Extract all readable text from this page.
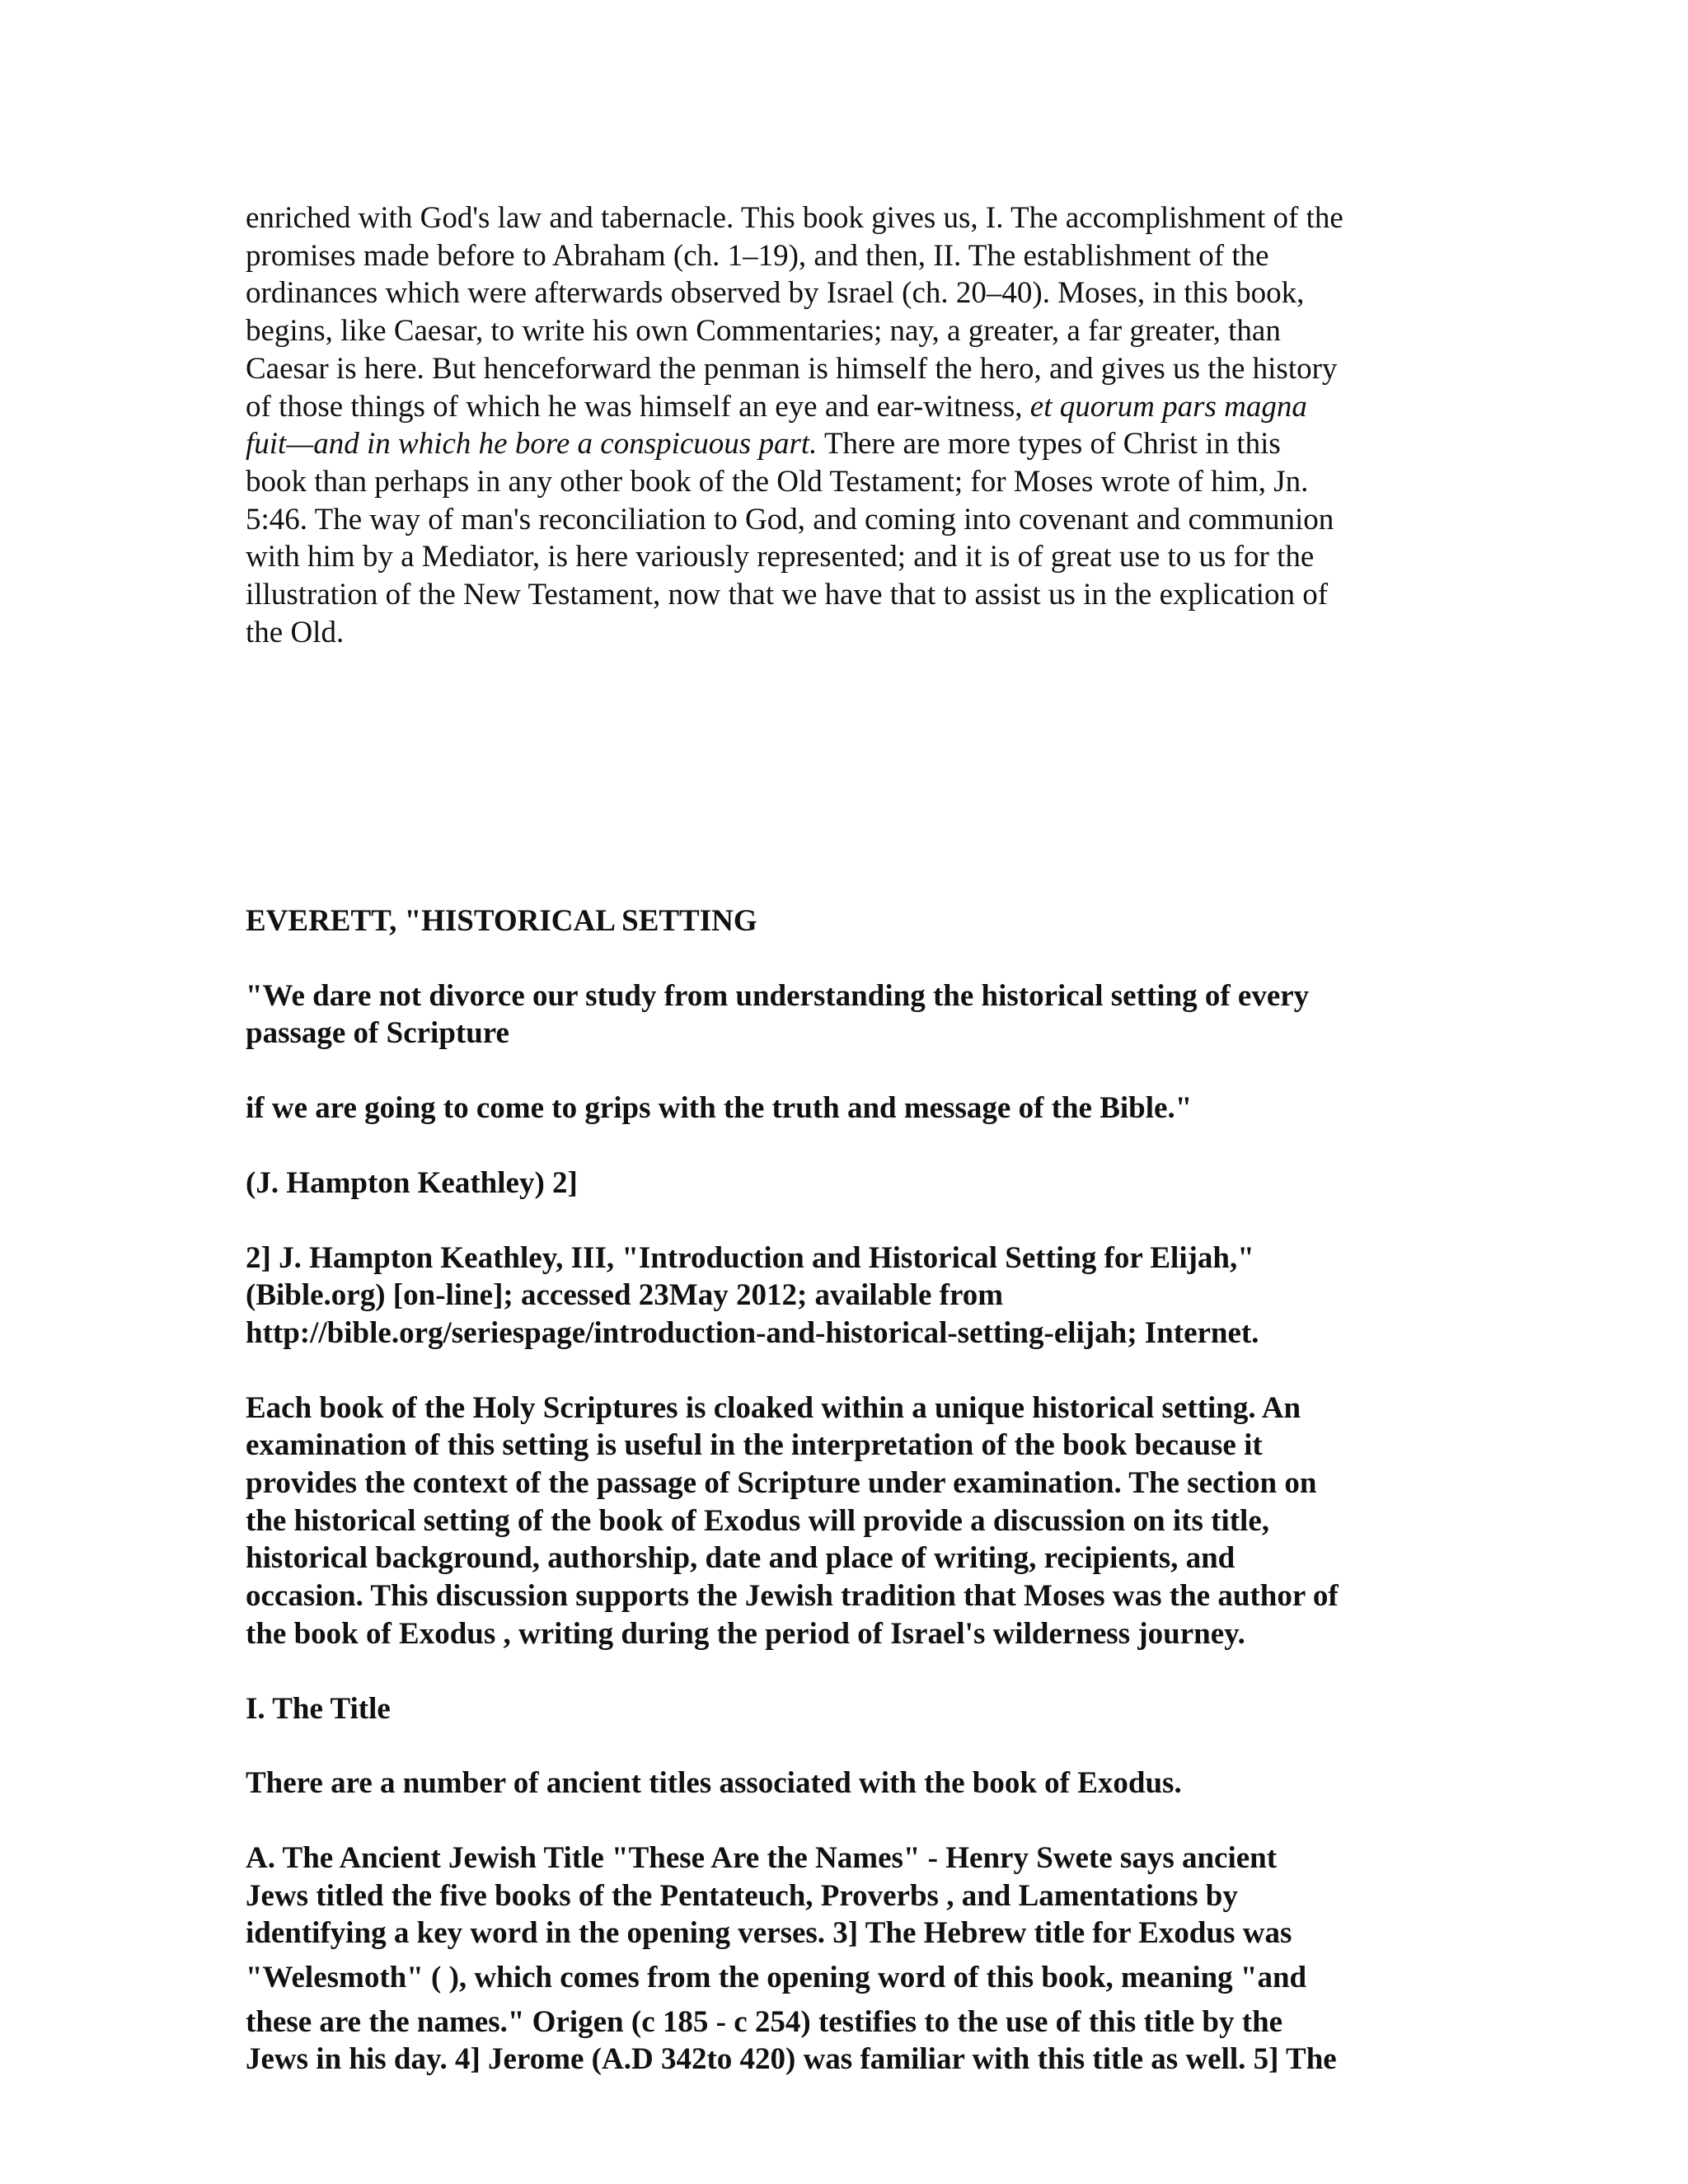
enriched with God's law and tabernacle. This book gives us, I. The accomplishment of the
promises made before to Abraham (ch. 1–19), and then, II. The establishment of the
ordinances which were afterwards observed by Israel (ch. 20–40). Moses, in this book,
begins, like Caesar, to write his own Commentaries; nay, a greater, a far greater, than
Caesar is here. But henceforward the penman is himself the hero, and gives us the history
of those things of which he was himself an eye and ear-witness, et quorum pars magna
fuit—and in which he bore a conspicuous part. There are more types of Christ in this
book than perhaps in any other book of the Old Testament; for Moses wrote of him, Jn.
5:46. The way of man's reconciliation to God, and coming into covenant and communion
with him by a Mediator, is here variously represented; and it is of great use to us for the
illustration of the New Testament, now that we have that to assist us in the explication of
the Old.
EVERETT, "HISTORICAL SETTING
"We dare not divorce our study from understanding the historical setting of every
passage of Scripture
if we are going to come to grips with the truth and message of the Bible."
(J. Hampton Keathley) 2]
2] J. Hampton Keathley, III, "Introduction and Historical Setting for Elijah,"
(Bible.org) [on-line]; accessed 23May 2012; available from
http://bible.org/seriespage/introduction-and-historical-setting-elijah; Internet.
Each book of the Holy Scriptures is cloaked within a unique historical setting. An
examination of this setting is useful in the interpretation of the book because it
provides the context of the passage of Scripture under examination. The section on
the historical setting of the book of Exodus will provide a discussion on its title,
historical background, authorship, date and place of writing, recipients, and
occasion. This discussion supports the Jewish tradition that Moses was the author of
the book of Exodus , writing during the period of Israel's wilderness journey.
I. The Title
There are a number of ancient titles associated with the book of Exodus.
A. The Ancient Jewish Title "These Are the Names" - Henry Swete says ancient
Jews titled the five books of the Pentateuch, Proverbs , and Lamentations by
identifying a key word in the opening verses. 3] The Hebrew title for Exodus was
"Welesmoth" ( ), which comes from the opening word of this book, meaning "and
these are the names." Origen (c 185 - c 254) testifies to the use of this title by the
Jews in his day. 4] Jerome (A.D 342to 420) was familiar with this title as well. 5] The
